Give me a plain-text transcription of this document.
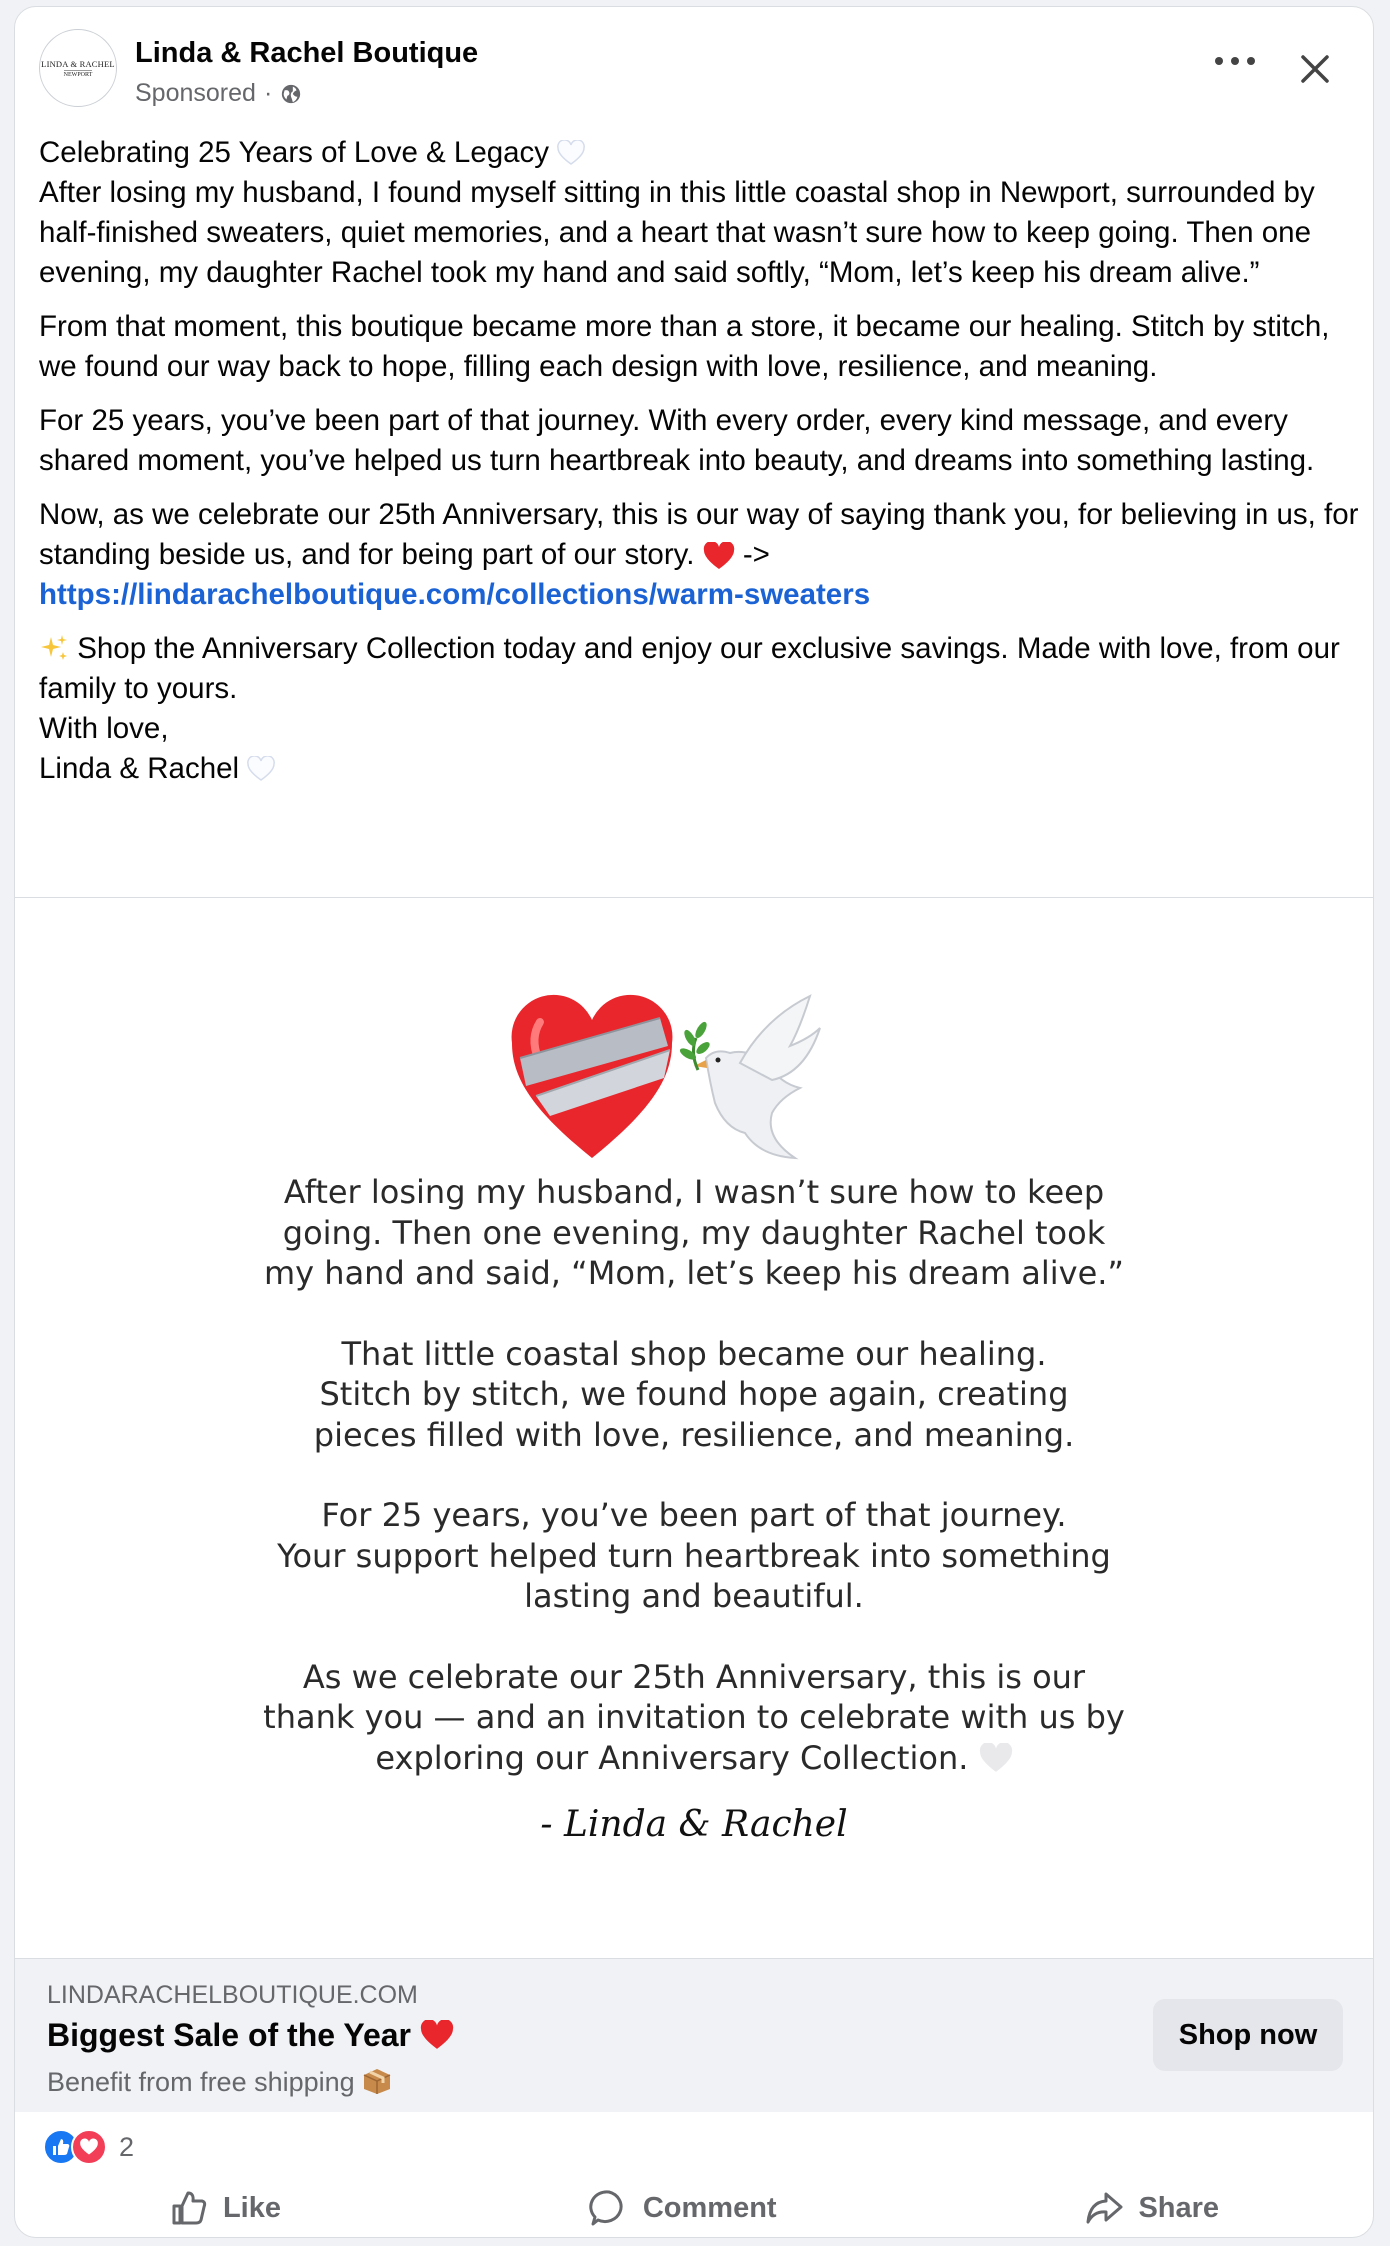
LINDA & RACHEL
NEWPORT
Linda & Rachel Boutique
Sponsored ·

Celebrating 25 Years of Love & Legacy
After losing my husband, I found myself sitting in this little coastal shop in Newport, surrounded by half-finished sweaters, quiet memories, and a heart that wasn’t sure how to keep going. Then one evening, my daughter Rachel took my hand and said softly, “Mom, let’s keep his dream alive.”

From that moment, this boutique became more than a store, it became our healing. Stitch by stitch, we found our way back to hope, filling each design with love, resilience, and meaning.

For 25 years, you’ve been part of that journey. With every order, every kind message, and every shared moment, you’ve helped us turn heartbreak into beauty, and dreams into something lasting.

Now, as we celebrate our 25th Anniversary, this is our way of saying thank you, for believing in us, for standing beside us, and for being part of our story. ->
https://lindarachelboutique.com/collections/warm-sweaters

Shop the Anniversary Collection today and enjoy our exclusive savings. Made with love, from our family to yours.
With love,
Linda & Rachel

After losing my husband, I wasn’t sure how to keep
going. Then one evening, my daughter Rachel took
my hand and said, “Mom, let’s keep his dream alive.”
That little coastal shop became our healing.
Stitch by stitch, we found hope again, creating
pieces filled with love, resilience, and meaning.
For 25 years, you’ve been part of that journey.
Your support helped turn heartbreak into something
lasting and beautiful.
As we celebrate our 25th Anniversary, this is our
thank you — and an invitation to celebrate with us by
exploring our Anniversary Collection.
- Linda & Rachel
LINDARACHELBOUTIQUE.COM
Biggest Sale of the Year
Benefit from free shipping
Shop now
2
Like	Comment	Share
